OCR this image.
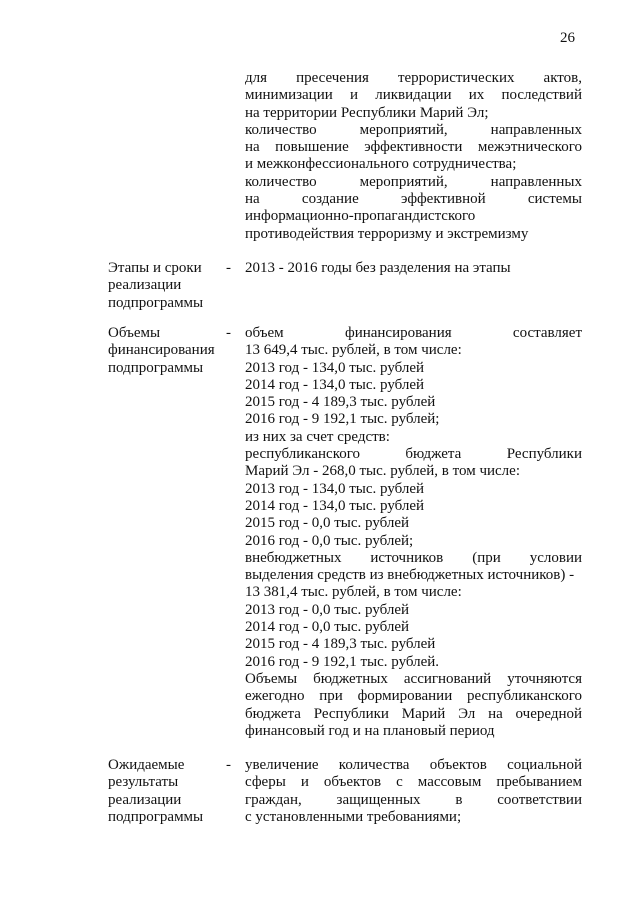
26
для пресечения террористических актов,
минимизации и ликвидации их последствий
на территории Республики Марий Эл;
количество мероприятий, направленных
на повышение эффективности межэтнического
и межконфессионального сотрудничества;
количество мероприятий, направленных
на создание эффективной системы
информационно-пропагандистского
противодействия терроризму и экстремизму
Этапы и сроки
реализации
подпрограммы
- 2013 - 2016 годы без разделения на этапы
Объемы
финансирования
подпрограммы
- объем финансирования составляет
13 649,4 тыс. рублей, в том числе:
2013 год - 134,0 тыс. рублей
2014 год - 134,0 тыс. рублей
2015 год - 4 189,3 тыс. рублей
2016 год - 9 192,1 тыс. рублей;
из них за счет средств:
республиканского бюджета Республики
Марий Эл - 268,0 тыс. рублей, в том числе:
2013 год - 134,0 тыс. рублей
2014 год - 134,0 тыс. рублей
2015 год - 0,0 тыс. рублей
2016 год - 0,0 тыс. рублей;
внебюджетных источников (при условии
выделения средств из внебюджетных источников) -
13 381,4 тыс. рублей, в том числе:
2013 год - 0,0 тыс. рублей
2014 год - 0,0 тыс. рублей
2015 год - 4 189,3 тыс. рублей
2016 год - 9 192,1 тыс. рублей.
Объемы бюджетных ассигнований уточняются
ежегодно при формировании республиканского
бюджета Республики Марий Эл на очередной
финансовый год и на плановый период
Ожидаемые
результаты
реализации
подпрограммы
- увеличение количества объектов социальной
сферы и объектов с массовым пребыванием
граждан, защищенных в соответствии
с установленными требованиями;
